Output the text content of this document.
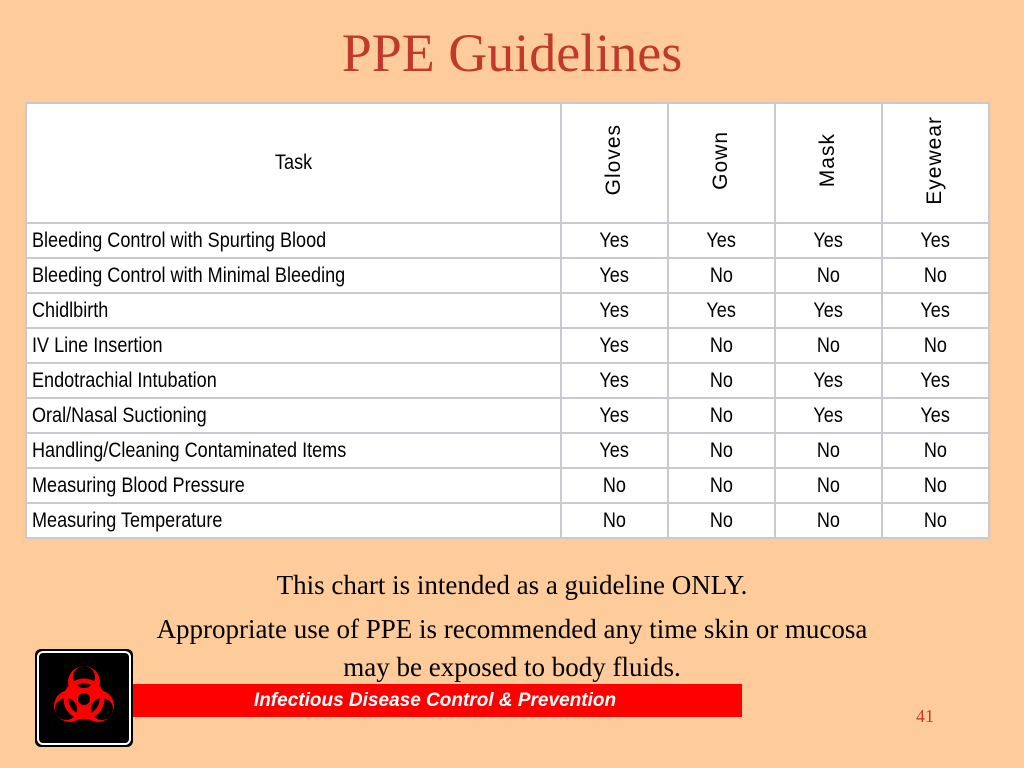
PPE Guidelines
Task	Gloves	Gown	Mask	Eyewear
Bleeding Control with Spurting Blood	Yes	Yes	Yes	Yes
Bleeding Control with Minimal Bleeding	Yes	No	No	No
Chidlbirth	Yes	Yes	Yes	Yes
IV Line Insertion	Yes	No	No	No
Endotrachial Intubation	Yes	No	Yes	Yes
Oral/Nasal Suctioning	Yes	No	Yes	Yes
Handling/Cleaning Contaminated Items	Yes	No	No	No
Measuring Blood Pressure	No	No	No	No
Measuring Temperature	No	No	No	No
This chart is intended as a guideline ONLY.
Appropriate use of PPE is recommended any time skin or mucosa
may be exposed to body fluids.
Infectious Disease Control & Prevention
41
